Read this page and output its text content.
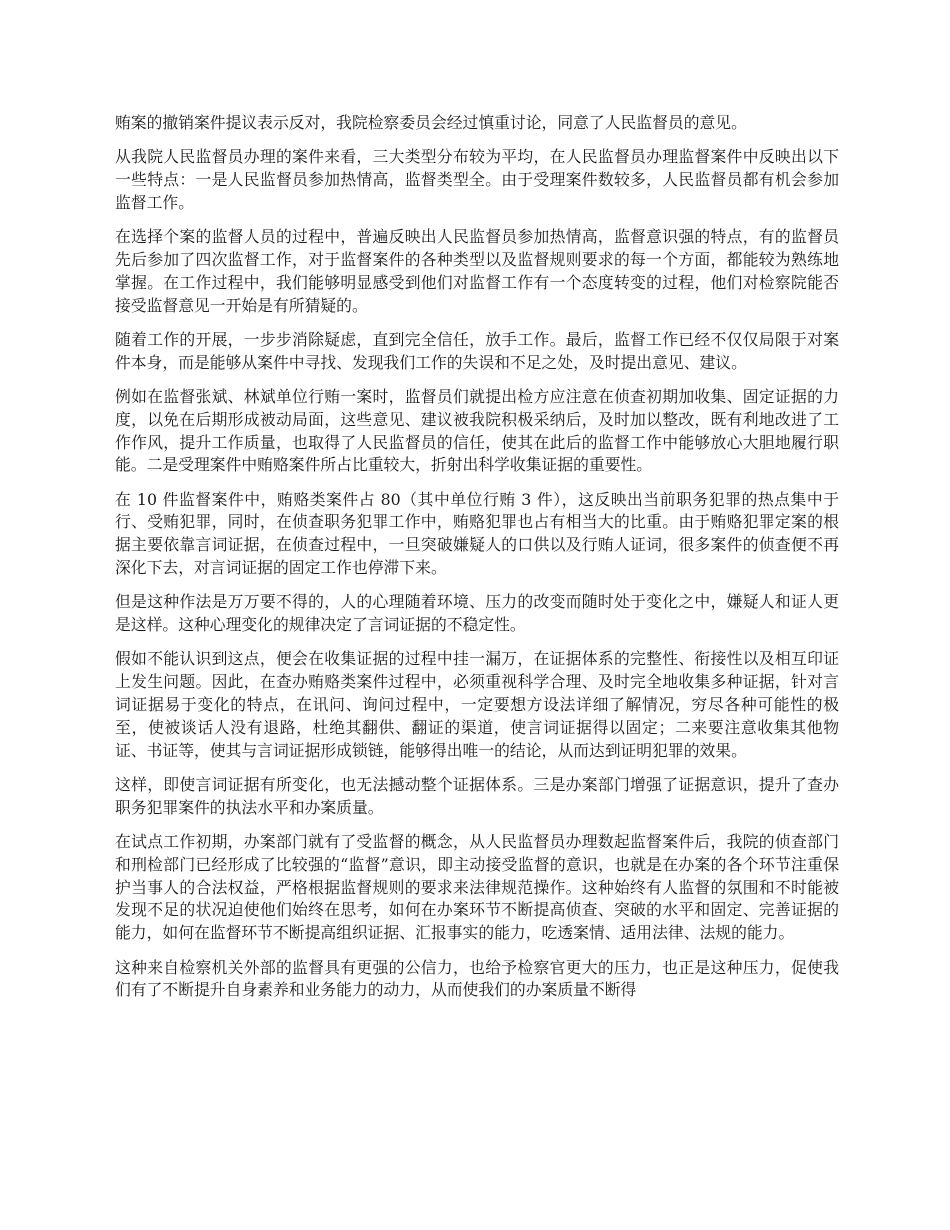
贿案的撤销案件提议表示反对，我院检察委员会经过慎重讨论，同意了人民监督员的意见。

从我院人民监督员办理的案件来看，三大类型分布较为平均，在人民监督员办理监督案件中反映出以下一些特点：一是人民监督员参加热情高，监督类型全。由于受理案件数较多，人民监督员都有机会参加监督工作。

在选择个案的监督人员的过程中，普遍反映出人民监督员参加热情高，监督意识强的特点，有的监督员先后参加了四次监督工作，对于监督案件的各种类型以及监督规则要求的每一个方面，都能较为熟练地掌握。在工作过程中，我们能够明显感受到他们对监督工作有一个态度转变的过程，他们对检察院能否接受监督意见一开始是有所猜疑的。

随着工作的开展，一步步消除疑虑，直到完全信任，放手工作。最后，监督工作已经不仅仅局限于对案件本身，而是能够从案件中寻找、发现我们工作的失误和不足之处，及时提出意见、建议。

例如在监督张斌、林斌单位行贿一案时，监督员们就提出检方应注意在侦查初期加收集、固定证据的力度，以免在后期形成被动局面，这些意见、建议被我院积极采纳后，及时加以整改，既有利地改进了工作作风，提升工作质量，也取得了人民监督员的信任，使其在此后的监督工作中能够放心大胆地履行职能。二是受理案件中贿赂案件所占比重较大，折射出科学收集证据的重要性。

在 10 件监督案件中，贿赂类案件占 80（其中单位行贿 3 件），这反映出当前职务犯罪的热点集中于行、受贿犯罪，同时，在侦查职务犯罪工作中，贿赂犯罪也占有相当大的比重。由于贿赂犯罪定案的根据主要依靠言词证据，在侦查过程中，一旦突破嫌疑人的口供以及行贿人证词，很多案件的侦查便不再深化下去，对言词证据的固定工作也停滞下来。

但是这种作法是万万要不得的，人的心理随着环境、压力的改变而随时处于变化之中，嫌疑人和证人更是这样。这种心理变化的规律决定了言词证据的不稳定性。

假如不能认识到这点，便会在收集证据的过程中挂一漏万，在证据体系的完整性、衔接性以及相互印证上发生问题。因此，在查办贿赂类案件过程中，必须重视科学合理、及时完全地收集多种证据，针对言词证据易于变化的特点，在讯问、询问过程中，一定要想方设法详细了解情况，穷尽各种可能性的极至，使被谈话人没有退路，杜绝其翻供、翻证的渠道，使言词证据得以固定；二来要注意收集其他物证、书证等，使其与言词证据形成锁链，能够得出唯一的结论，从而达到证明犯罪的效果。

这样，即使言词证据有所变化，也无法撼动整个证据体系。三是办案部门增强了证据意识，提升了查办职务犯罪案件的执法水平和办案质量。

在试点工作初期，办案部门就有了受监督的概念，从人民监督员办理数起监督案件后，我院的侦查部门和刑检部门已经形成了比较强的“监督”意识，即主动接受监督的意识，也就是在办案的各个环节注重保护当事人的合法权益，严格根据监督规则的要求来法律规范操作。这种始终有人监督的氛围和不时能被发现不足的状况迫使他们始终在思考，如何在办案环节不断提高侦查、突破的水平和固定、完善证据的能力，如何在监督环节不断提高组织证据、汇报事实的能力，吃透案情、适用法律、法规的能力。

这种来自检察机关外部的监督具有更强的公信力，也给予检察官更大的压力，也正是这种压力，促使我们有了不断提升自身素养和业务能力的动力，从而使我们的办案质量不断得
